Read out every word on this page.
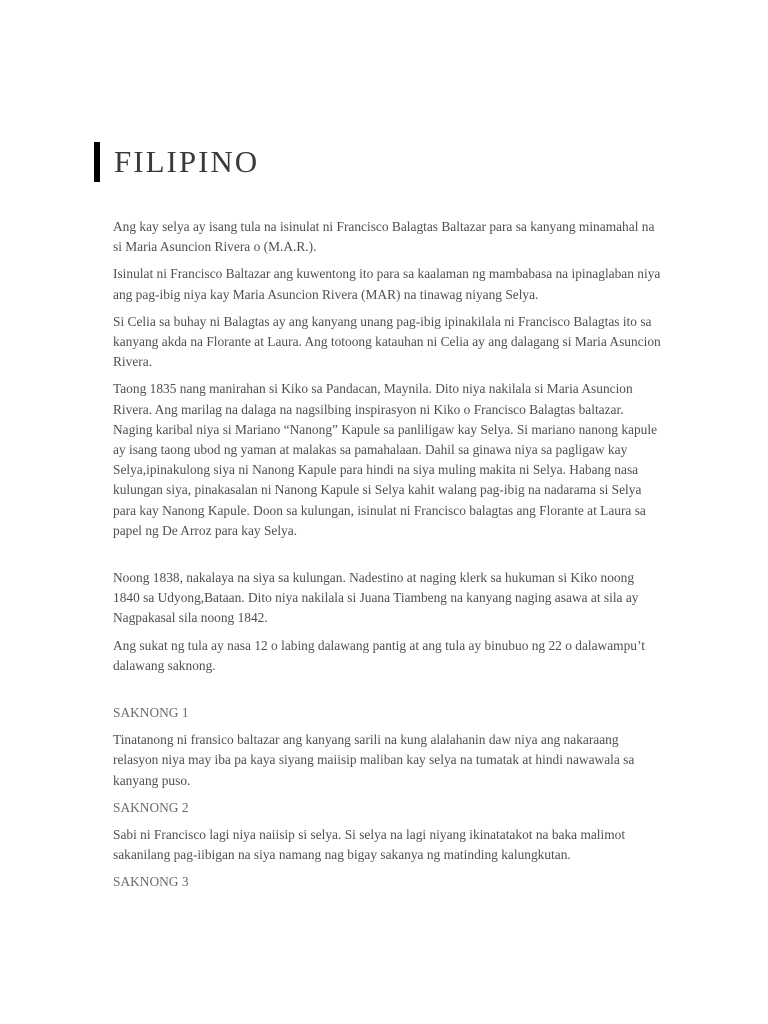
FILIPINO

Ang kay selya ay isang tula na isinulat ni Francisco Balagtas Baltazar para sa kanyang minamahal na si Maria Asuncion Rivera o (M.A.R.).

Isinulat ni Francisco Baltazar ang kuwentong ito para sa kaalaman ng mambabasa na ipinaglaban niya ang pag-ibig niya kay Maria Asuncion Rivera (MAR) na tinawag niyang Selya.

Si Celia sa buhay ni Balagtas ay ang kanyang unang pag-ibig ipinakilala ni Francisco Balagtas ito sa kanyang akda na Florante at Laura. Ang totoong katauhan ni Celia ay ang dalagang si Maria Asuncion Rivera.

Taong 1835 nang manirahan si Kiko sa Pandacan, Maynila. Dito niya nakilala si Maria Asuncion Rivera. Ang marilag na dalaga na nagsilbing inspirasyon ni Kiko o Francisco Balagtas baltazar. Naging karibal niya si Mariano “Nanong” Kapule sa panliligaw kay Selya. Si mariano nanong kapule ay isang taong ubod ng yaman at malakas sa pamahalaan. Dahil sa ginawa niya sa pagligaw kay Selya,ipinakulong siya ni Nanong Kapule para hindi na siya muling makita ni Selya. Habang nasa kulungan siya, pinakasalan ni Nanong Kapule si Selya kahit walang pag-ibig na nadarama si Selya para kay Nanong Kapule. Doon sa kulungan, isinulat ni Francisco balagtas ang Florante at Laura sa papel ng De Arroz para kay Selya.

Noong 1838, nakalaya na siya sa kulungan. Nadestino at naging klerk sa hukuman si Kiko noong 1840 sa Udyong,Bataan. Dito niya nakilala si Juana Tiambeng na kanyang naging asawa at sila ay Nagpakasal sila noong 1842.

Ang sukat ng tula ay nasa 12 o labing dalawang pantig at ang tula ay binubuo ng 22 o dalawampu’t dalawang saknong.

SAKNONG 1

Tinatanong ni fransico baltazar ang kanyang sarili na kung alalahanin daw niya ang nakaraang relasyon niya may iba pa kaya siyang maiisip maliban kay selya na tumatak at hindi nawawala sa kanyang puso.

SAKNONG 2

Sabi ni Francisco lagi niya naiisip si selya. Si selya na lagi niyang ikinatatakot na baka malimot sakanilang pag-iibigan na siya namang nag bigay sakanya ng matinding kalungkutan.

SAKNONG 3
